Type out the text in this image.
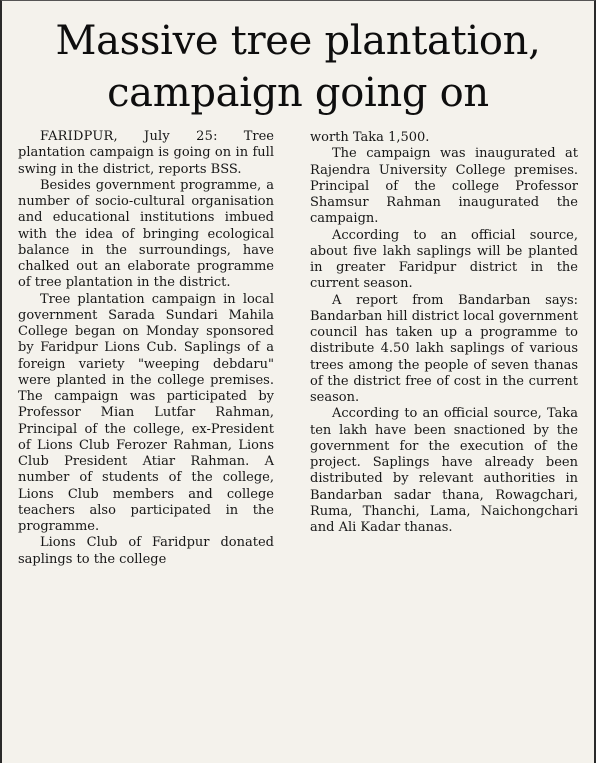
Massive tree plantation,
campaign going on

FARIDPUR, July 25: Tree plantation campaign is going on in full swing in the district, reports BSS.

Besides government programme, a number of socio-cultural organisation and educational institutions imbued with the idea of bringing ecological balance in the surroundings, have chalked out an elaborate programme of tree plantation in the district.

Tree plantation campaign in local government Sarada Sundari Mahila College began on Monday sponsored by Faridpur Lions Cub. Saplings of a foreign variety "weeping debdaru" were planted in the college premises. The campaign was participated by Professor Mian Lutfar Rahman, Principal of the college, ex-President of Lions Club Ferozer Rahman, Lions Club President Atiar Rahman. A number of students of the college, Lions Club members and college teachers also participated in the programme.

Lions Club of Faridpur donated saplings to the college

worth Taka 1,500.

The campaign was inaugurated at Rajendra University College premises. Principal of the college Professor Shamsur Rahman inaugurated the campaign.

According to an official source, about five lakh saplings will be planted in greater Faridpur district in the current season.

A report from Bandarban says: Bandarban hill district local government council has taken up a programme to distribute 4.50 lakh saplings of various trees among the people of seven thanas of the district free of cost in the current season.

According to an official source, Taka ten lakh have been snactioned by the government for the execution of the project. Saplings have already been distributed by relevant authorities in Bandarban sadar thana, Rowagchari, Ruma, Thanchi, Lama, Naichongchari and Ali Kadar thanas.
